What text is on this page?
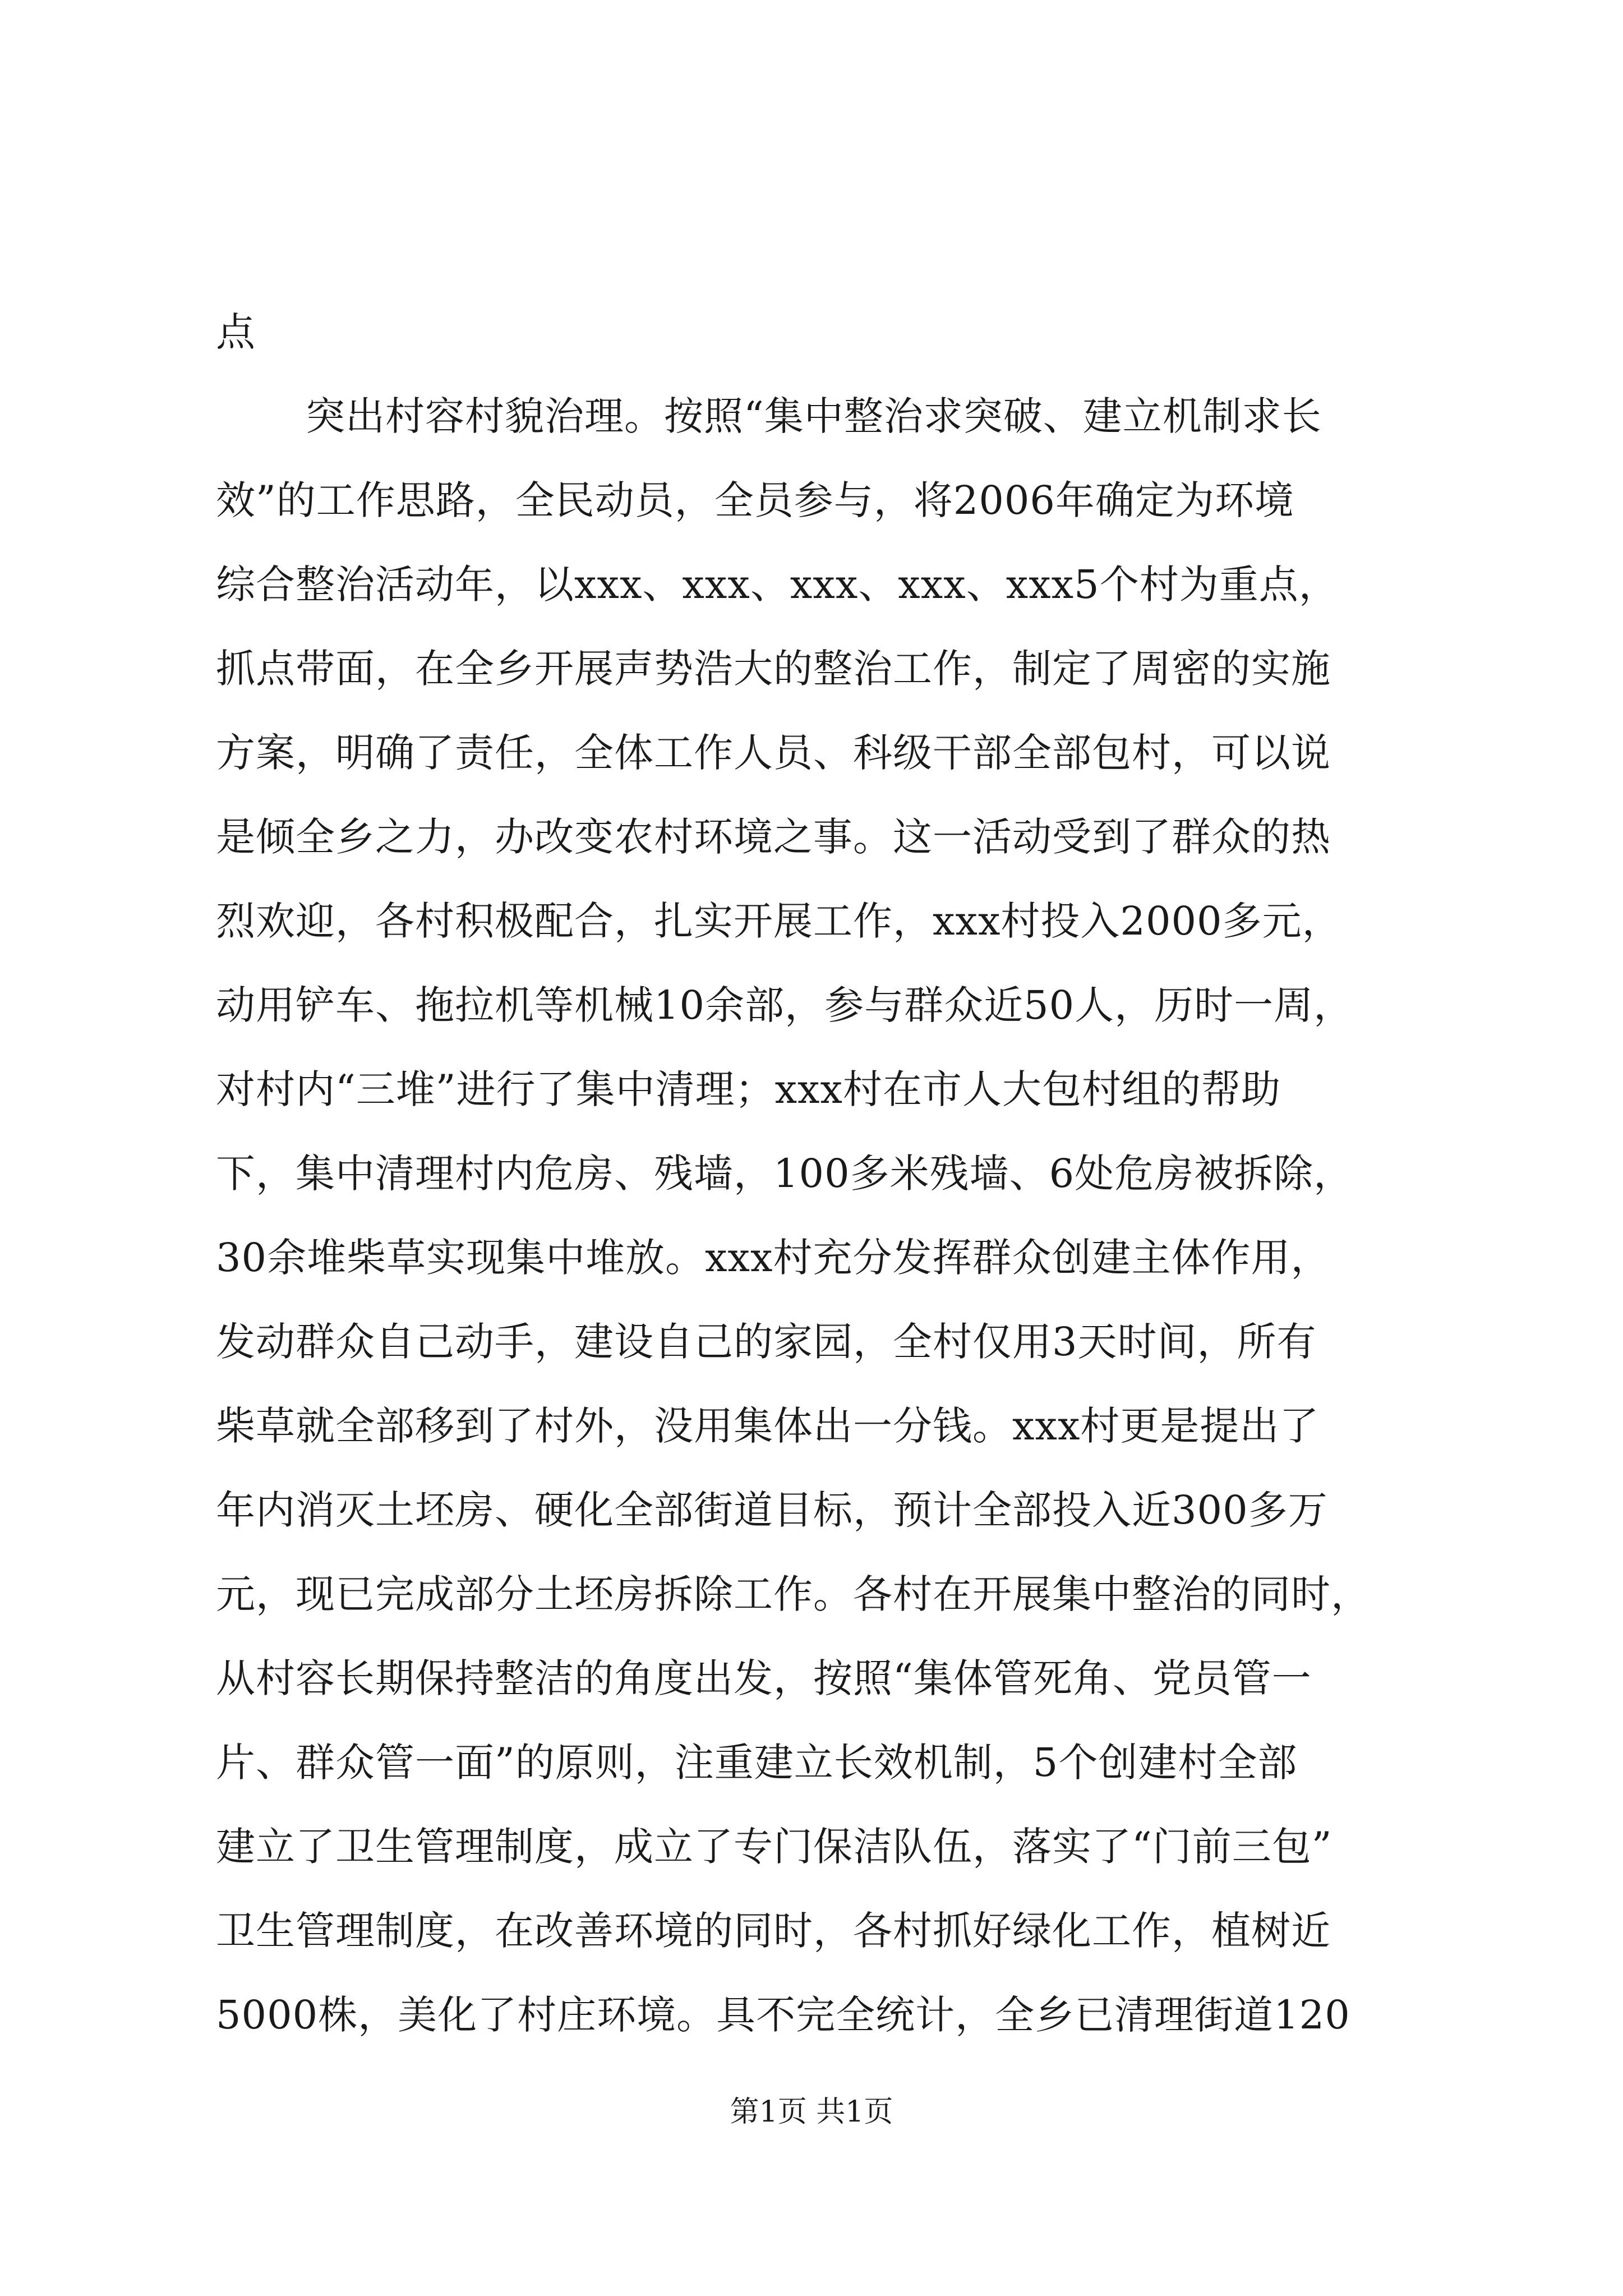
点
突出村容村貌治理。按照“集中整治求突破、建立机制求长
效”的工作思路，全民动员，全员参与，将2006年确定为环境
综合整治活动年，以xxx、xxx、xxx、xxx、xxx5个村为重点，
抓点带面，在全乡开展声势浩大的整治工作，制定了周密的实施
方案，明确了责任，全体工作人员、科级干部全部包村，可以说
是倾全乡之力，办改变农村环境之事。这一活动受到了群众的热
烈欢迎，各村积极配合，扎实开展工作，xxx村投入2000多元，
动用铲车、拖拉机等机械10余部，参与群众近50人，历时一周，
对村内“三堆”进行了集中清理；xxx村在市人大包村组的帮助
下，集中清理村内危房、残墙，100多米残墙、6处危房被拆除，
30余堆柴草实现集中堆放。xxx村充分发挥群众创建主体作用，
发动群众自己动手，建设自己的家园，全村仅用3天时间，所有
柴草就全部移到了村外，没用集体出一分钱。xxx村更是提出了
年内消灭土坯房、硬化全部街道目标，预计全部投入近300多万
元，现已完成部分土坯房拆除工作。各村在开展集中整治的同时，
从村容长期保持整洁的角度出发，按照“集体管死角、党员管一
片、群众管一面”的原则，注重建立长效机制，5个创建村全部
建立了卫生管理制度，成立了专门保洁队伍，落实了“门前三包”
卫生管理制度，在改善环境的同时，各村抓好绿化工作，植树近
5000株，美化了村庄环境。具不完全统计，全乡已清理街道120
第1页 共1页
